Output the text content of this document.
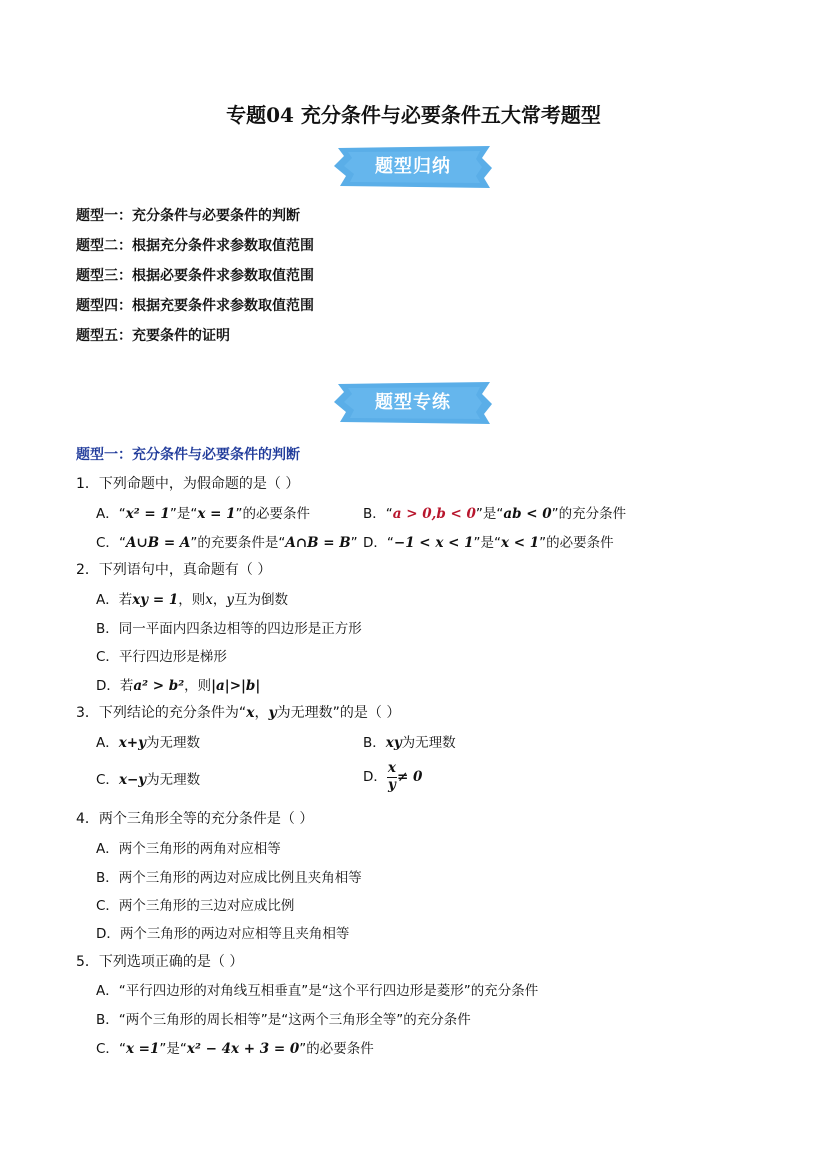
专题04 充分条件与必要条件五大常考题型
题型归纳
题型一：充分条件与必要条件的判断
题型二：根据充分条件求参数取值范围
题型三：根据必要条件求参数取值范围
题型四：根据充要条件求参数取值范围
题型五：充要条件的证明
题型专练
题型一：充分条件与必要条件的判断
1．下列命题中，为假命题的是（ ）
A．“x² = 1”是“x = 1”的必要条件	B．“a > 0,b < 0”是“ab < 0”的充分条件
C．“A∪B = A”的充要条件是“A∩B = B” D．“−1 < x < 1”是“x < 1”的必要条件
2．下列语句中，真命题有（ ）
A．若xy = 1，则x，y互为倒数
B．同一平面内四条边相等的四边形是正方形
C．平行四边形是梯形
D．若a² > b²，则|a|>|b|
3．下列结论的充分条件为“x，y为无理数”的是（ ）
A．x+y为无理数	B．xy为无理数
C．x−y为无理数	D． $\frac{x}{y} \ne 0$
4．两个三角形全等的充分条件是（ ）
A．两个三角形的两角对应相等
B．两个三角形的两边对应成比例且夹角相等
C．两个三角形的三边对应成比例
D．两个三角形的两边对应相等且夹角相等
5．下列选项正确的是（ ）
A．“平行四边形的对角线互相垂直”是“这个平行四边形是菱形”的充分条件
B．“两个三角形的周长相等”是“这两个三角形全等”的充分条件
C．“x =1”是“x² − 4x + 3 = 0”的必要条件
